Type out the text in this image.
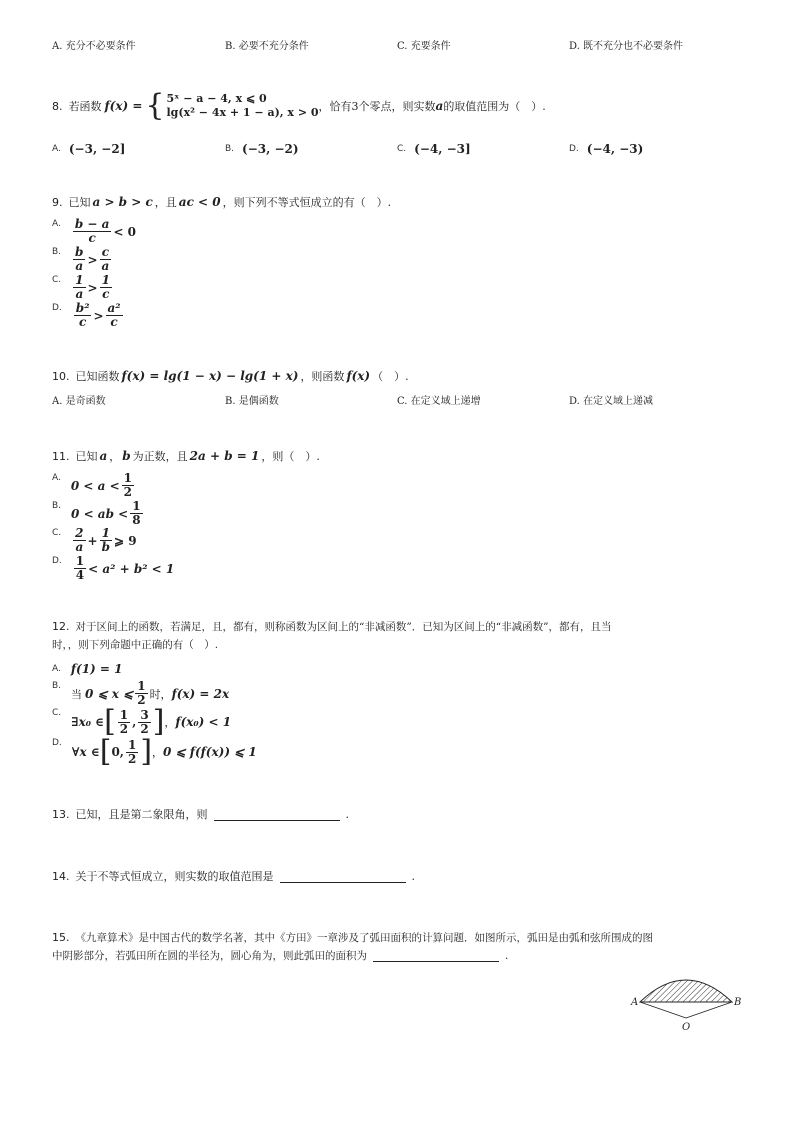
A. 充分不必要条件	B. 必要不充分条件	C. 充要条件	D. 既不充分也不必要条件
8. 若函数 f(x) = { 5ˣ − a − 4, x ⩽ 0
lg(x² − 4x + 1 − a), x > 0 ，恰有3个零点，则实数 a 的取值范围为（　）.
A. (−3, −2]	B. (−3, −2)	C. (−4, −3]	D. (−4, −3)
9. 已知 a > b > c ，且 ac < 0 ，则下列不等式恒成立的有（　）.
A. $\frac{b - a}{c} < 0$
B. $\frac{b}{a} > \frac{c}{a}$
C. $\frac{1}{a} > \frac{1}{c}$
D. $\frac{\text{b²}}{c} > \frac{\text{a²}}{c}$
10. 已知函数 f(x) = lg(1 − x) − lg(1 + x) ，则函数 f(x) （　）.
A. 是奇函数	B. 是偶函数	C. 在定义域上递增	D. 在定义域上递减
11. 已知 a ， b 为正数，且 2a + b = 1 ，则（　）.
A.
$0 < a < \frac{1}{2}$
B.
0 < ab < $\frac{1}{8}$
C. $\frac{2}{a} + \frac{1}{b}$ ⩾ 9
D. $\frac{1}{4} < a^2 + b^2 < 1$
12. 对于区间上的函数，若满足，且，都有，则称函数为区间上的“非减函数”．已知为区间上的“非减函数”，都有，且当
时，，则下列命题中正确的有（　）.
A. f(1) = 1
B.
当 0 ⩽ x ⩽ $\frac{1}{2}$ 时， f(x) = 2x
C.
∃x₀ ∈ [ $\frac{1}{2}$ , $\frac{3}{2}$ ] ， f(x₀) < 1
D.
∀x ∈ [ 0, $\frac{1}{2}$ ] ， 0 ⩽ f(f(x)) ⩽ 1
13. 已知，且是第二象限角，则	.
14. 关于不等式恒成立，则实数的取值范围是	.
15. 《九章算术》是中国古代的数学名著，其中《方田》一章涉及了弧田面积的计算问题．如图所示，弧田是由弧和弦所围成的图
中阴影部分，若弧田所在圆的半径为，圆心角为，则此弧田的面积为	.
A	B
O
